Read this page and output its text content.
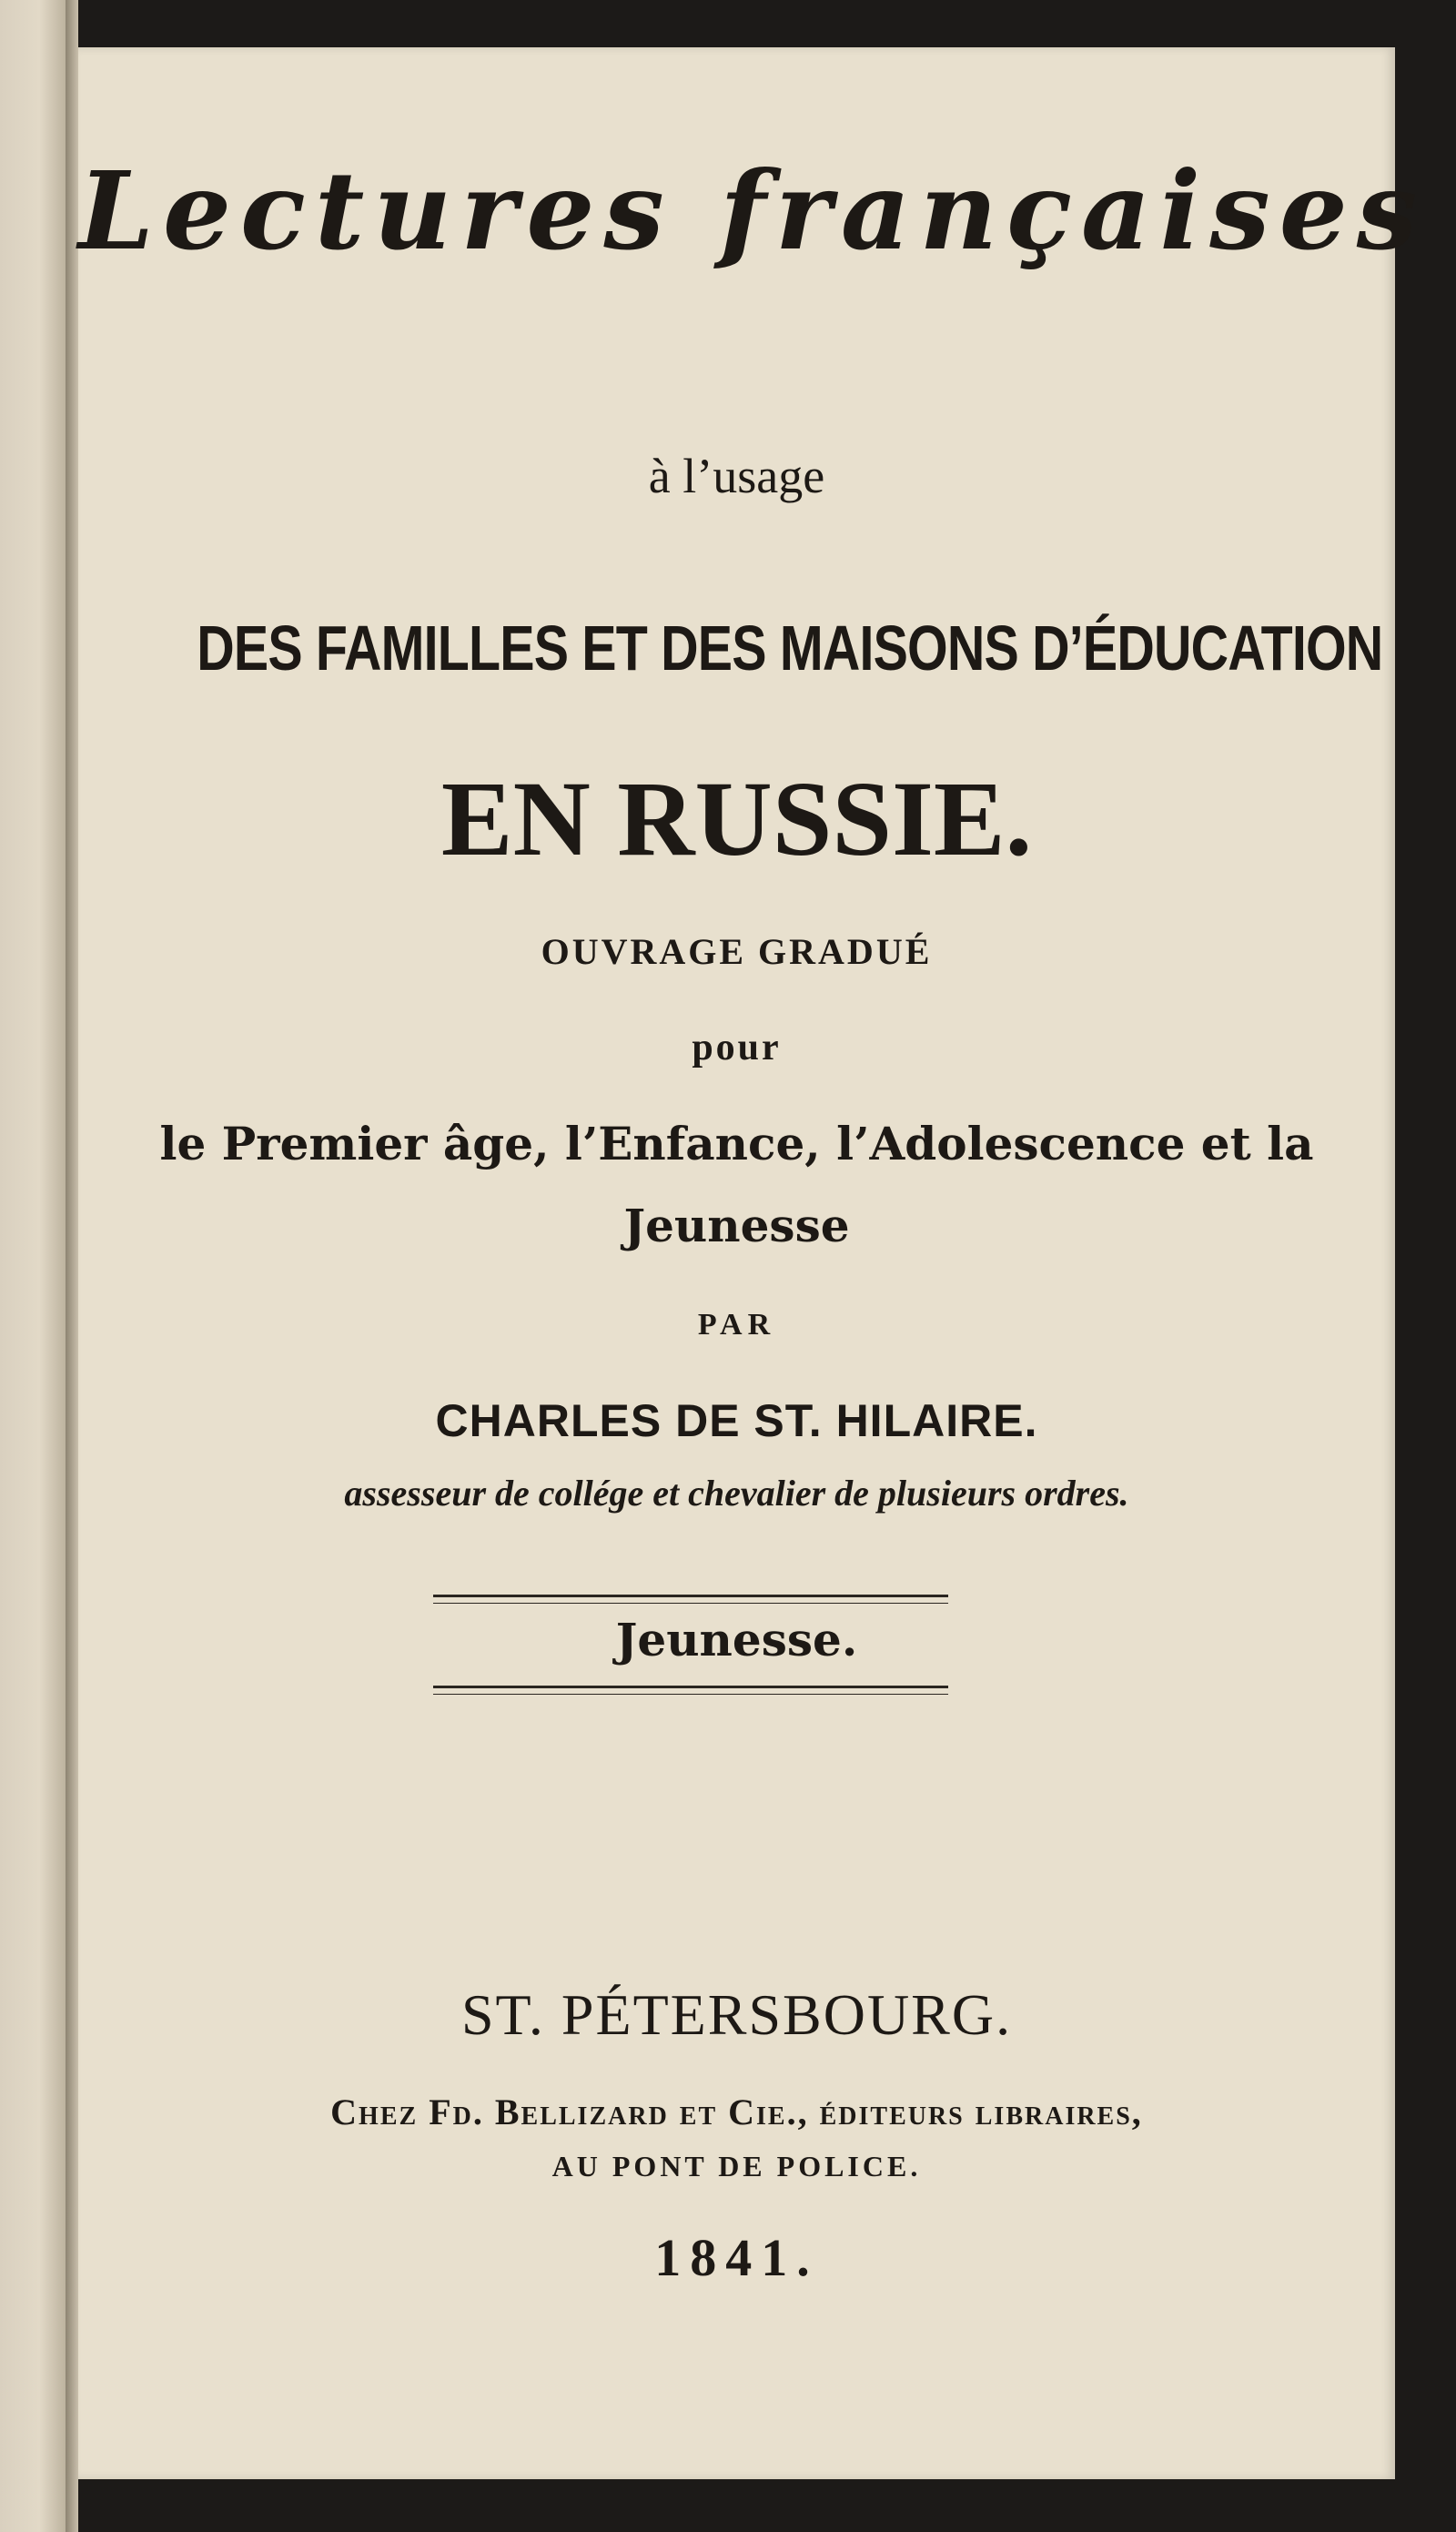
Lectures françaises
à l’usage
DES FAMILLES ET DES MAISONS D’ÉDUCATION
EN RUSSIE.
OUVRAGE GRADUÉ
pour
le Premier âge, l’Enfance, l’Adolescence et la
Jeunesse
PAR
CHARLES DE ST. HILAIRE.
assesseur de collége et chevalier de plusieurs ordres.
Jeunesse.
ST. PÉTERSBOURG.
Chez Fd. Bellizard et Cie., éditeurs libraires,
AU PONT DE POLICE.
1841.
